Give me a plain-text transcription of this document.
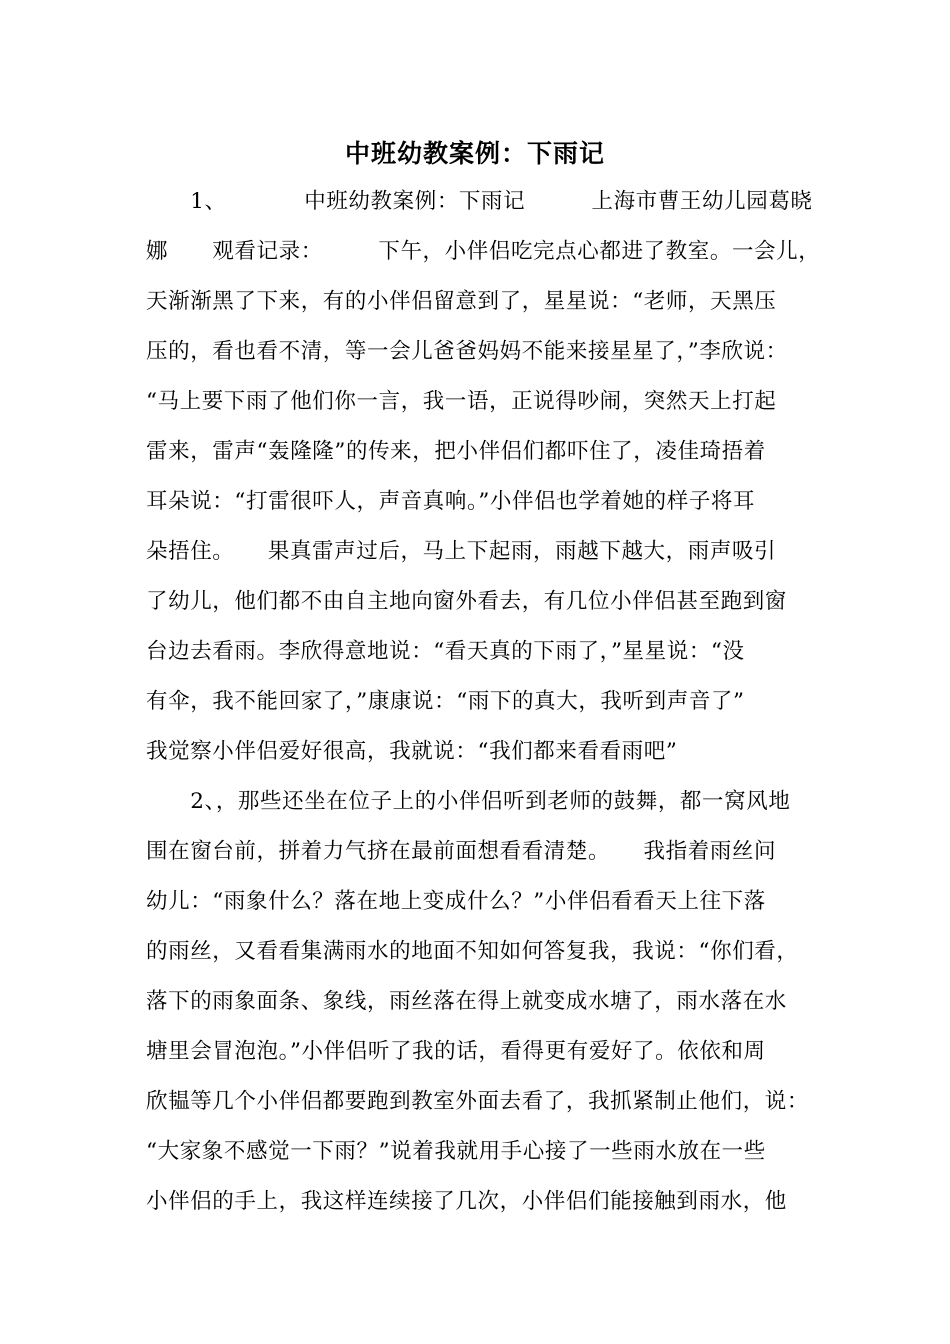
中班幼教案例：下雨记
　　1、　　　　中班幼教案例：下雨记　　　上海市曹王幼儿园葛晓
娜　　观看记录：　　　下午，小伴侣吃完点心都进了教室。一会儿，
天渐渐黑了下来，有的小伴侣留意到了，星星说：“老师，天黑压
压的，看也看不清，等一会儿爸爸妈妈不能来接星星了，”李欣说：
“马上要下雨了他们你一言，我一语，正说得吵闹，突然天上打起
雷来，雷声“轰隆隆”的传来，把小伴侣们都吓住了，凌佳琦捂着
耳朵说：“打雷很吓人，声音真响。”小伴侣也学着她的样子将耳
朵捂住。　　果真雷声过后，马上下起雨，雨越下越大，雨声吸引
了幼儿，他们都不由自主地向窗外看去，有几位小伴侣甚至跑到窗
台边去看雨。李欣得意地说：“看天真的下雨了，”星星说：“没
有伞，我不能回家了，”康康说：“雨下的真大，我听到声音了”
我觉察小伴侣爱好很高，我就说：“我们都来看看雨吧”
　　2、，那些还坐在位子上的小伴侣听到老师的鼓舞，都一窝风地
围在窗台前，拼着力气挤在最前面想看看清楚。　　我指着雨丝问
幼儿：“雨象什么？落在地上变成什么？”小伴侣看看天上往下落
的雨丝，又看看集满雨水的地面不知如何答复我，我说：“你们看，
落下的雨象面条、象线，雨丝落在得上就变成水塘了，雨水落在水
塘里会冒泡泡。”小伴侣听了我的话，看得更有爱好了。依依和周
欣韫等几个小伴侣都要跑到教室外面去看了，我抓紧制止他们，说：
“大家象不感觉一下雨？”说着我就用手心接了一些雨水放在一些
小伴侣的手上，我这样连续接了几次，小伴侣们能接触到雨水，他
